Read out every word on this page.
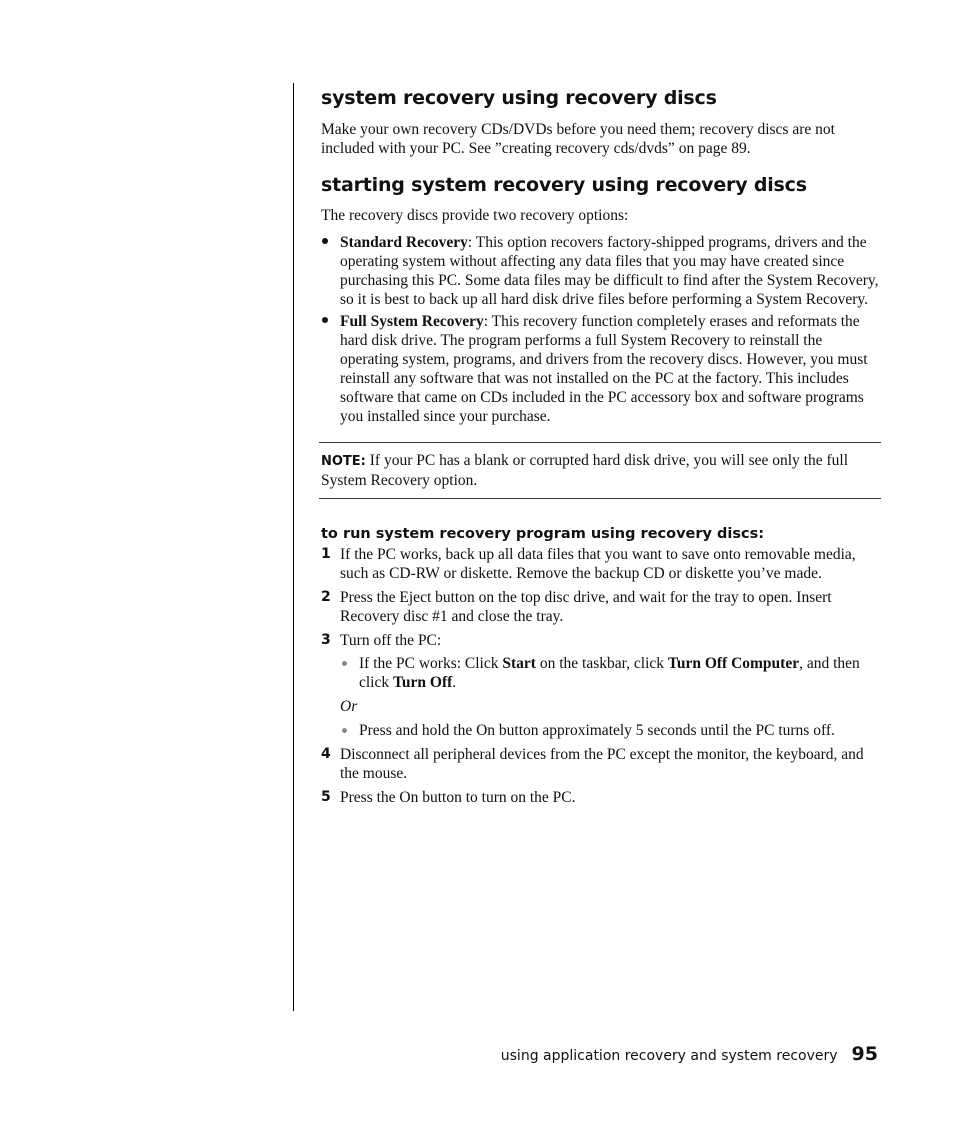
system recovery using recovery discs

Make your own recovery CDs/DVDs before you need them; recovery discs are not included with your PC. See ”creating recovery cds/dvds” on page 89.

starting system recovery using recovery discs

The recovery discs provide two recovery options:

Standard Recovery: This option recovers factory-shipped programs, drivers and the operating system without affecting any data files that you may have created since purchasing this PC. Some data files may be difficult to find after the System Recovery, so it is best to back up all hard disk drive files before performing a System Recovery.
Full System Recovery: This recovery function completely erases and reformats the hard disk drive. The program performs a full System Recovery to reinstall the operating system, programs, and drivers from the recovery discs. However, you must reinstall any software that was not installed on the PC at the factory. This includes software that came on CDs included in the PC accessory box and software programs you installed since your purchase.
NOTE: If your PC has a blank or corrupted hard disk drive, you will see only the full System Recovery option.
to run system recovery program using recovery discs:
1 If the PC works, back up all data files that you want to save onto removable media, such as CD-RW or diskette. Remove the backup CD or diskette you’ve made.
2 Press the Eject button on the top disc drive, and wait for the tray to open. Insert Recovery disc #1 and close the tray.
3 Turn off the PC:
If the PC works: Click Start on the taskbar, click Turn Off Computer, and then click Turn Off.
Or
Press and hold the On button approximately 5 seconds until the PC turns off.
4 Disconnect all peripheral devices from the PC except the monitor, the keyboard, and the mouse.
5 Press the On button to turn on the PC.
using application recovery and system recovery 95
